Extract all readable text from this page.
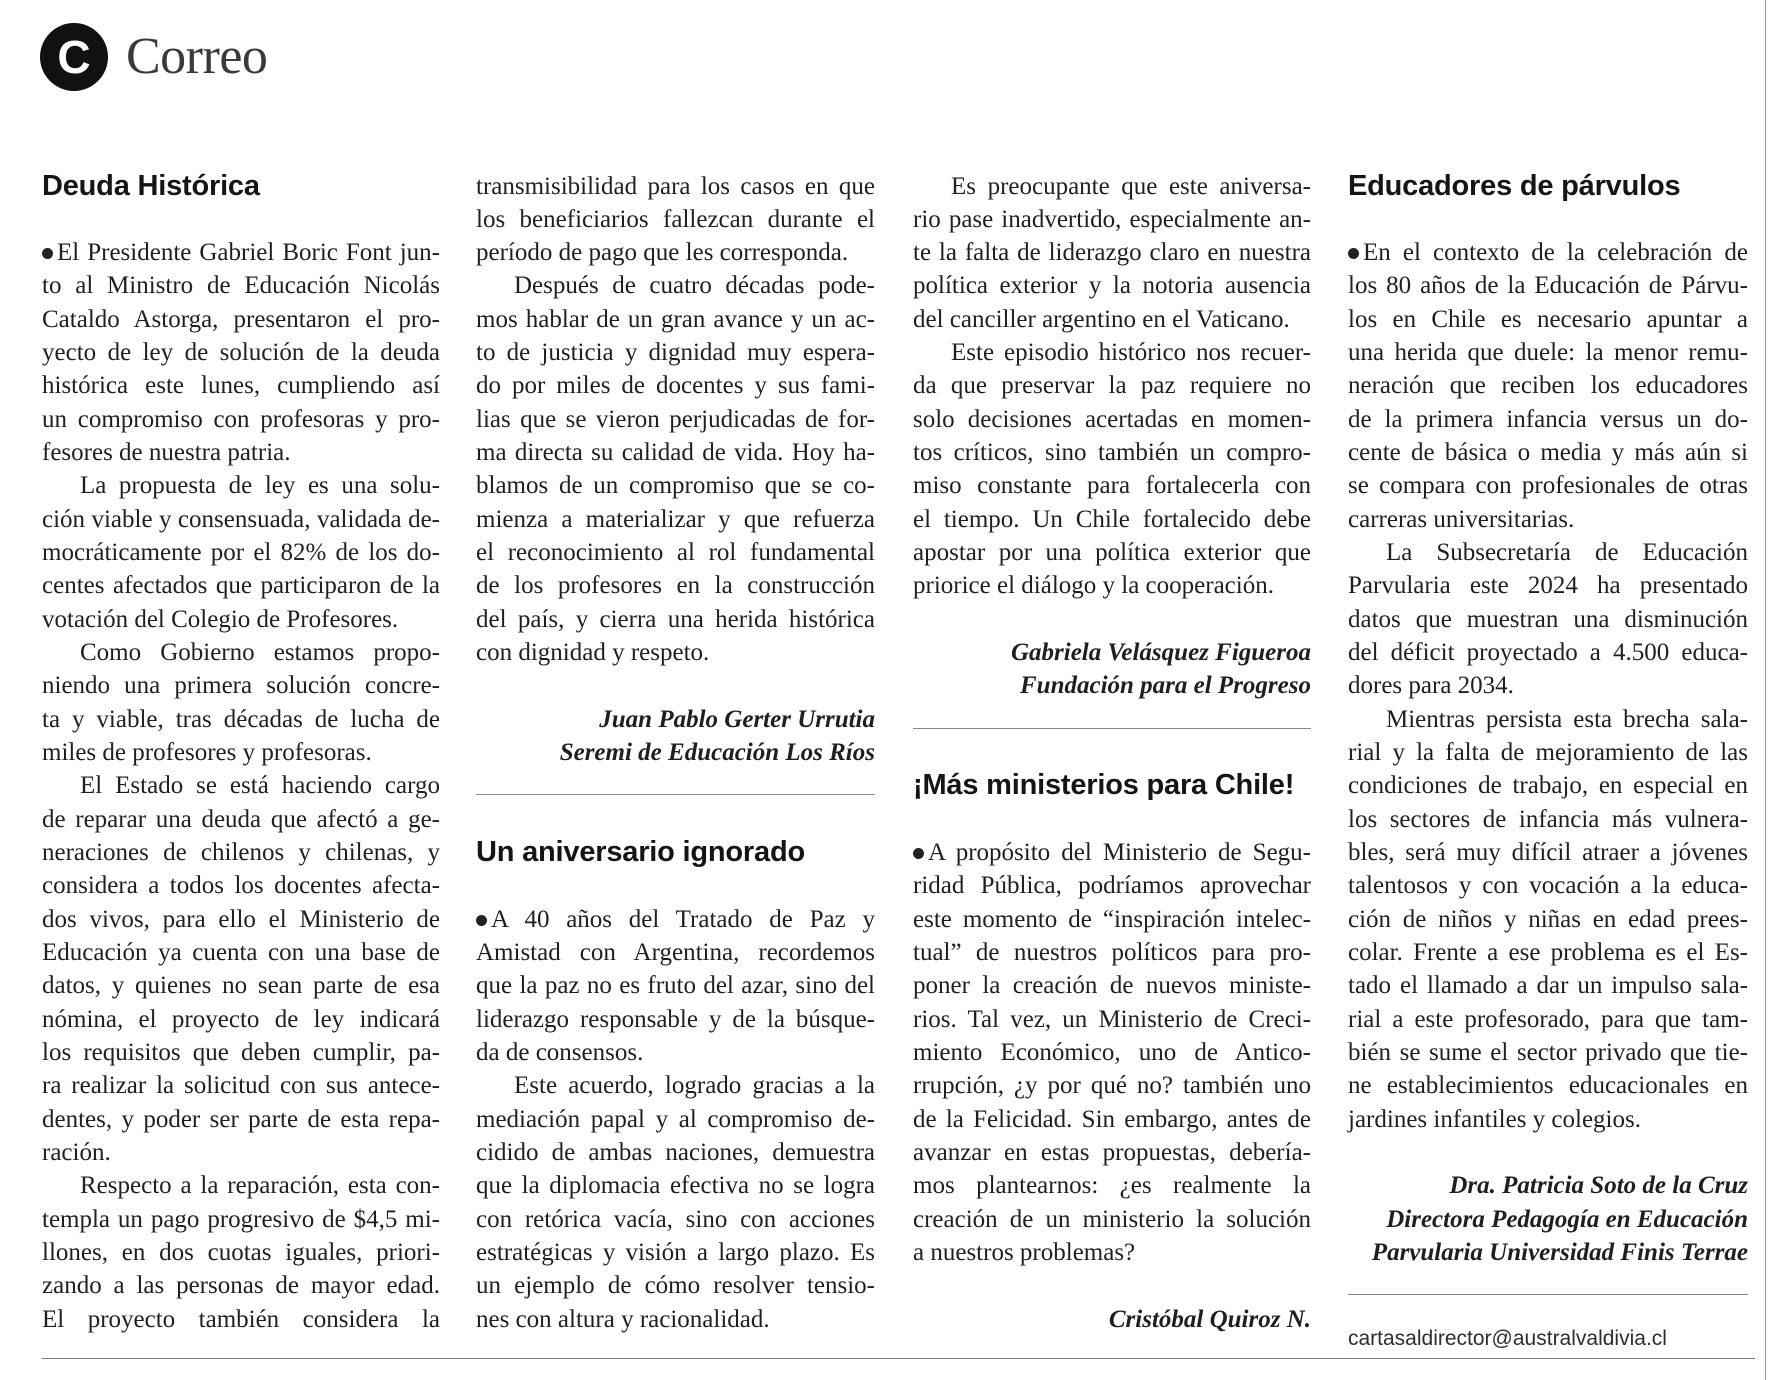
C Correo
Deuda Histórica
El Presidente Gabriel Boric Font jun-
to al Ministro de Educación Nicolás
Cataldo Astorga, presentaron el pro-
yecto de ley de solución de la deuda
histórica este lunes, cumpliendo así
un compromiso con profesoras y pro-
fesores de nuestra patria.
La propuesta de ley es una solu-
ción viable y consensuada, validada de-
mocráticamente por el 82% de los do-
centes afectados que participaron de la
votación del Colegio de Profesores.
Como Gobierno estamos propo-
niendo una primera solución concre-
ta y viable, tras décadas de lucha de
miles de profesores y profesoras.
El Estado se está haciendo cargo
de reparar una deuda que afectó a ge-
neraciones de chilenos y chilenas, y
considera a todos los docentes afecta-
dos vivos, para ello el Ministerio de
Educación ya cuenta con una base de
datos, y quienes no sean parte de esa
nómina, el proyecto de ley indicará
los requisitos que deben cumplir, pa-
ra realizar la solicitud con sus antece-
dentes, y poder ser parte de esta repa-
ración.
Respecto a la reparación, esta con-
templa un pago progresivo de $4,5 mi-
llones, en dos cuotas iguales, priori-
zando a las personas de mayor edad.
El proyecto también considera la
transmisibilidad para los casos en que
los beneficiarios fallezcan durante el
período de pago que les corresponda.
Después de cuatro décadas pode-
mos hablar de un gran avance y un ac-
to de justicia y dignidad muy espera-
do por miles de docentes y sus fami-
lias que se vieron perjudicadas de for-
ma directa su calidad de vida. Hoy ha-
blamos de un compromiso que se co-
mienza a materializar y que refuerza
el reconocimiento al rol fundamental
de los profesores en la construcción
del país, y cierra una herida histórica
con dignidad y respeto.
Juan Pablo Gerter Urrutia
Seremi de Educación Los Ríos
Un aniversario ignorado
A 40 años del Tratado de Paz y
Amistad con Argentina, recordemos
que la paz no es fruto del azar, sino del
liderazgo responsable y de la búsque-
da de consensos.
Este acuerdo, logrado gracias a la
mediación papal y al compromiso de-
cidido de ambas naciones, demuestra
que la diplomacia efectiva no se logra
con retórica vacía, sino con acciones
estratégicas y visión a largo plazo. Es
un ejemplo de cómo resolver tensio-
nes con altura y racionalidad.
Es preocupante que este aniversa-
rio pase inadvertido, especialmente an-
te la falta de liderazgo claro en nuestra
política exterior y la notoria ausencia
del canciller argentino en el Vaticano.
Este episodio histórico nos recuer-
da que preservar la paz requiere no
solo decisiones acertadas en momen-
tos críticos, sino también un compro-
miso constante para fortalecerla con
el tiempo. Un Chile fortalecido debe
apostar por una política exterior que
priorice el diálogo y la cooperación.
Gabriela Velásquez Figueroa
Fundación para el Progreso
¡Más ministerios para Chile!
A propósito del Ministerio de Segu-
ridad Pública, podríamos aprovechar
este momento de “inspiración intelec-
tual” de nuestros políticos para pro-
poner la creación de nuevos ministe-
rios. Tal vez, un Ministerio de Creci-
miento Económico, uno de Antico-
rrupción, ¿y por qué no? también uno
de la Felicidad. Sin embargo, antes de
avanzar en estas propuestas, debería-
mos plantearnos: ¿es realmente la
creación de un ministerio la solución
a nuestros problemas?
Cristóbal Quiroz N.
Educadores de párvulos
En el contexto de la celebración de
los 80 años de la Educación de Párvu-
los en Chile es necesario apuntar a
una herida que duele: la menor remu-
neración que reciben los educadores
de la primera infancia versus un do-
cente de básica o media y más aún si
se compara con profesionales de otras
carreras universitarias.
La Subsecretaría de Educación
Parvularia este 2024 ha presentado
datos que muestran una disminución
del déficit proyectado a 4.500 educa-
dores para 2034.
Mientras persista esta brecha sala-
rial y la falta de mejoramiento de las
condiciones de trabajo, en especial en
los sectores de infancia más vulnera-
bles, será muy difícil atraer a jóvenes
talentosos y con vocación a la educa-
ción de niños y niñas en edad prees-
colar. Frente a ese problema es el Es-
tado el llamado a dar un impulso sala-
rial a este profesorado, para que tam-
bién se sume el sector privado que tie-
ne establecimientos educacionales en
jardines infantiles y colegios.
Dra. Patricia Soto de la Cruz
Directora Pedagogía en Educación
Parvularia Universidad Finis Terrae
cartasaldirector@australvaldivia.cl
